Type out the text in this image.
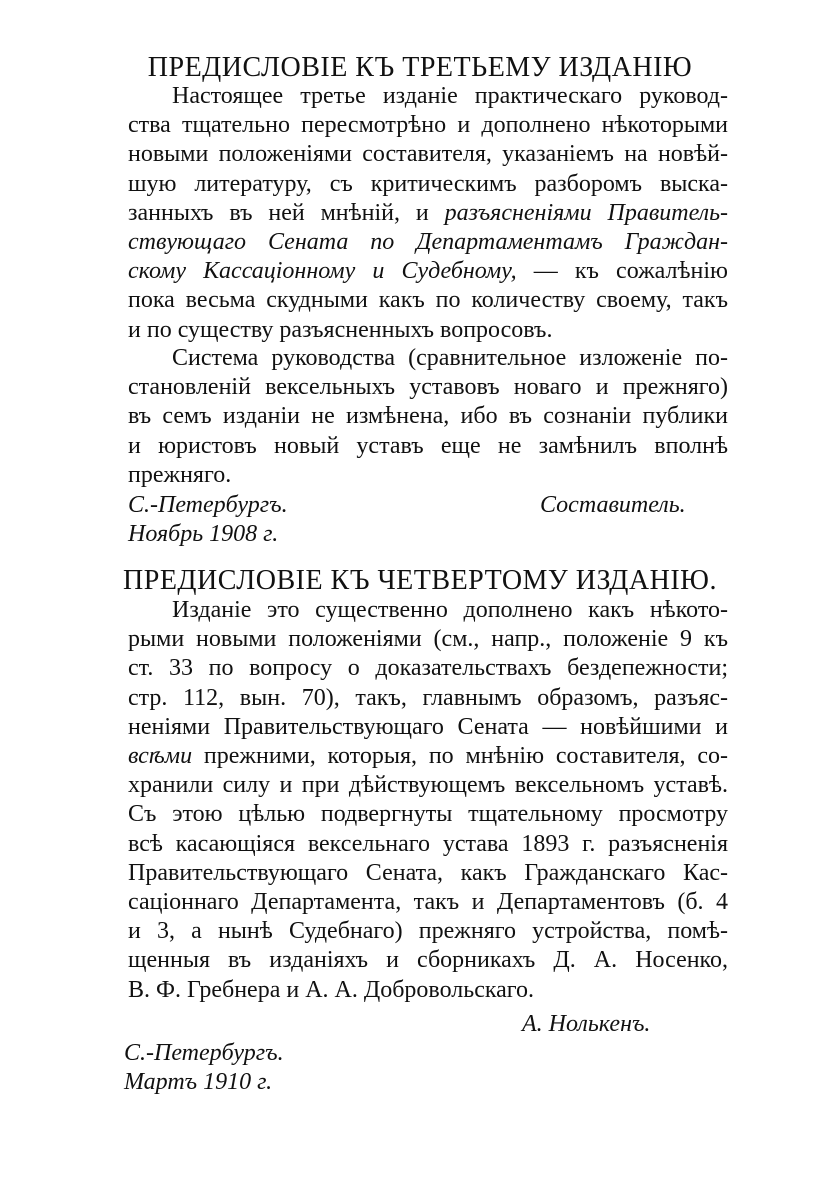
ПРЕДИСЛОВІЕ КЪ ТРЕТЬЕМУ ИЗДАНІЮ
Настоящее третье изданіе практическаго руковод-
ства тщательно пересмотрѣно и дополнено нѣкоторыми
новыми положеніями составителя, указаніемъ на новѣй-
шую литературу, съ критическимъ разборомъ выска-
занныхъ въ ней мнѣній, и разъясненіями Правитель-
ствующаго Сената по Департаментамъ Граждан-
скому Кассаціонному и Судебному, — къ сожалѣнію
пока весьма скудными какъ по количеству своему, такъ
и по существу разъясненныхъ вопросовъ.
Система руководства (сравнительное изложеніе по-
становленій вексельныхъ уставовъ новаго и прежняго)
въ семъ изданіи не измѣнена, ибо въ сознаніи публики
и юристовъ новый уставъ еще не замѣнилъ вполнѣ
прежняго.

С.-Петербургъ.	Составитель.

Ноябрь 1908 г.

ПРЕДИСЛОВІЕ КЪ ЧЕТВЕРТОМУ ИЗДАНІЮ.
Изданіе это существенно дополнено какъ нѣкото-
рыми новыми положеніями (см., напр., положеніе 9 къ
ст. 33 по вопросу о доказательствахъ бездепежности;
стр. 112, вын. 70), такъ, главнымъ образомъ, разъяс-
неніями Правительствующаго Сената — новѣйшими и
всѣми прежними, которыя, по мнѣнію составителя, со-
хранили силу и при дѣйствующемъ вексельномъ уставѣ.
Съ этою цѣлью подвергнуты тщательному просмотру
всѣ касающіяся вексельнаго устава 1893 г. разъясненія
Правительствующаго Сената, какъ Гражданскаго Кас-
саціоннаго Департамента, такъ и Департаментовъ (б. 4
и 3, а нынѣ Судебнаго) прежняго устройства, помѣ-
щенныя въ изданіяхъ и сборникахъ Д. А. Носенко,
В. Ф. Гребнера и А. А. Добровольскаго.

А. Нолькенъ.

С.-Петербургъ.

Мартъ 1910 г.
